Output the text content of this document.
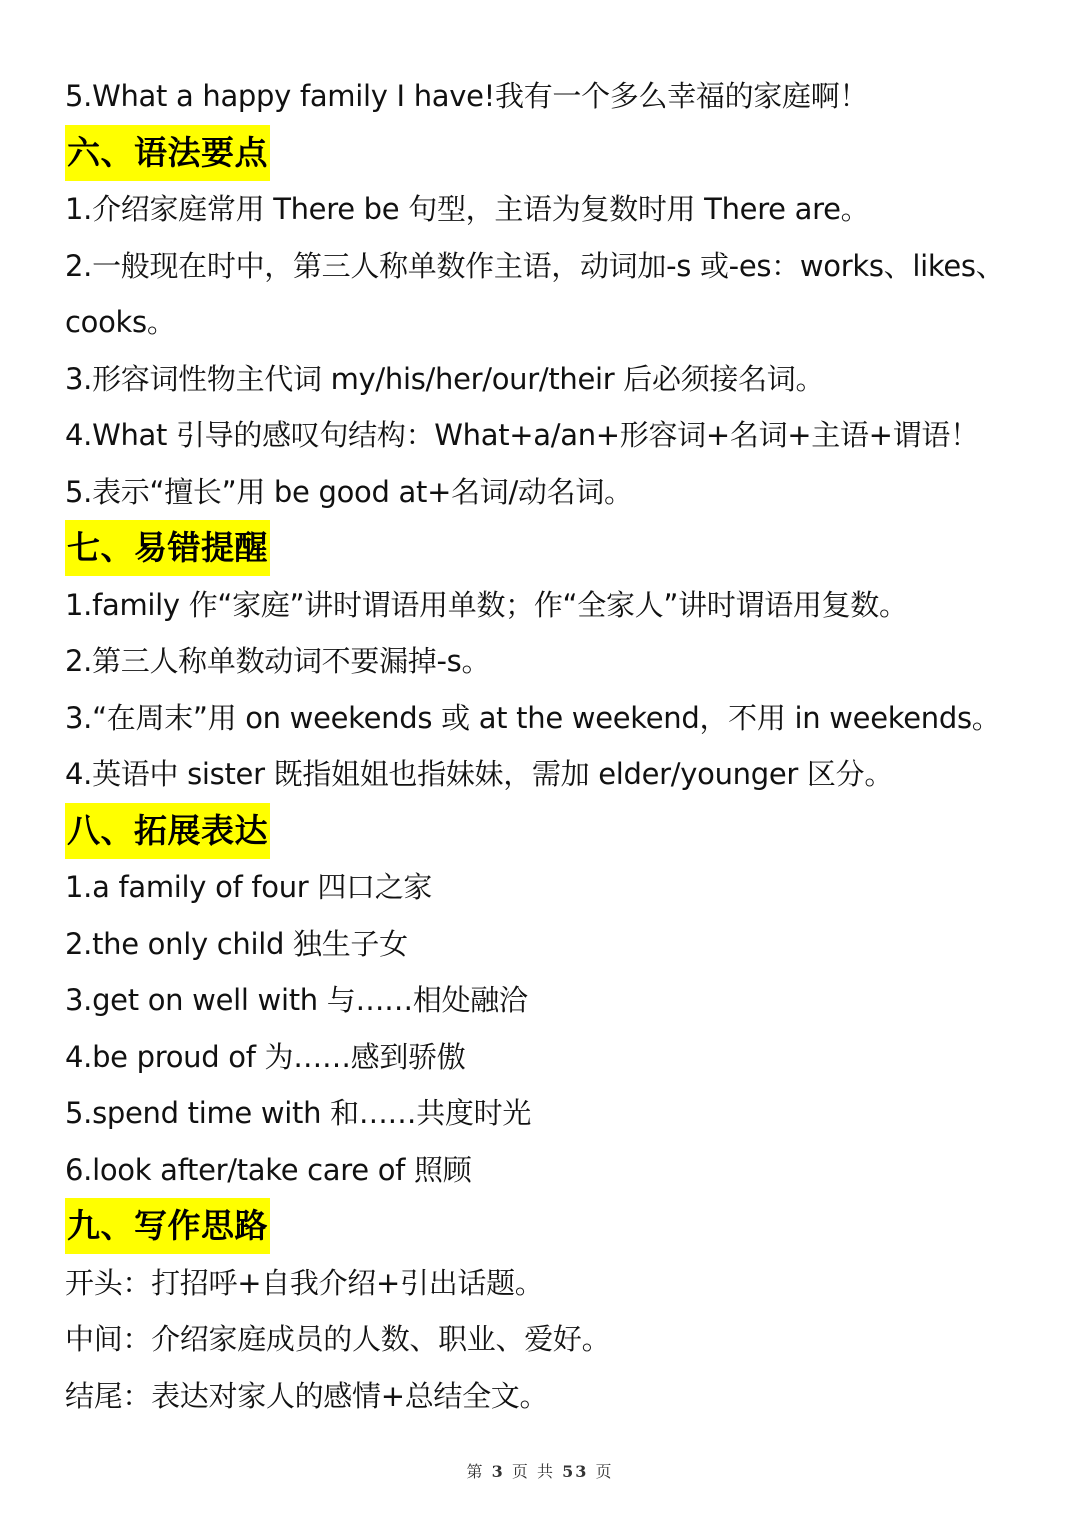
5.What a happy family I have!我有一个多么幸福的家庭啊！
六、语法要点
1.介绍家庭常用 There be 句型，主语为复数时用 There are。
2.一般现在时中，第三人称单数作主语，动词加-s 或-es：works、likes、
cooks。
3.形容词性物主代词 my/his/her/our/their 后必须接名词。
4.What 引导的感叹句结构：What+a/an+形容词+名词+主语+谓语！
5.表示“擅长”用 be good at+名词/动名词。
七、易错提醒
1.family 作“家庭”讲时谓语用单数；作“全家人”讲时谓语用复数。
2.第三人称单数动词不要漏掉-s。
3.“在周末”用 on weekends 或 at the weekend，不用 in weekends。
4.英语中 sister 既指姐姐也指妹妹，需加 elder/younger 区分。
八、拓展表达
1.a family of four 四口之家
2.the only child 独生子女
3.get on well with 与……相处融洽
4.be proud of 为……感到骄傲
5.spend time with 和……共度时光
6.look after/take care of 照顾
九、写作思路
开头：打招呼+自我介绍+引出话题。
中间：介绍家庭成员的人数、职业、爱好。
结尾：表达对家人的感情+总结全文。
第 3 页 共 53 页
